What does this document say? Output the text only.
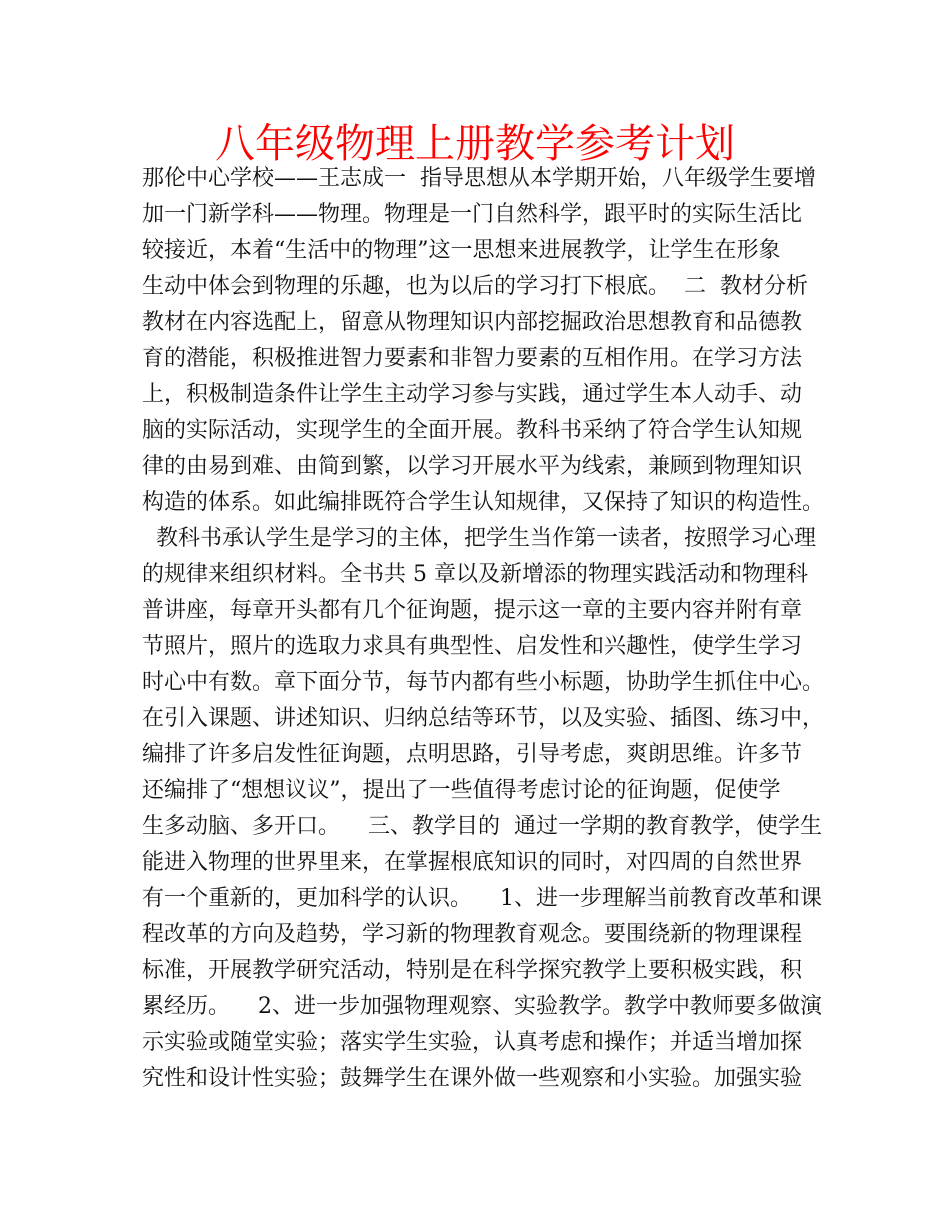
八年级物理上册教学参考计划
那伦中心学校——王志成一  指导思想从本学期开始，八年级学生要增
加一门新学科——物理。物理是一门自然科学，跟平时的实际生活比
较接近，本着“生活中的物理”这一思想来进展教学，让学生在形象
生动中体会到物理的乐趣，也为以后的学习打下根底。  二  教材分析
教材在内容选配上，留意从物理知识内部挖掘政治思想教育和品德教
育的潜能，积极推进智力要素和非智力要素的互相作用。在学习方法
上，积极制造条件让学生主动学习参与实践，通过学生本人动手、动
脑的实际活动，实现学生的全面开展。教科书采纳了符合学生认知规
律的由易到难、由简到繁，以学习开展水平为线索，兼顾到物理知识
构造的体系。如此编排既符合学生认知规律，又保持了知识的构造性。
教科书承认学生是学习的主体，把学生当作第一读者，按照学习心理
的规律来组织材料。全书共 5 章以及新增添的物理实践活动和物理科
普讲座，每章开头都有几个征询题，提示这一章的主要内容并附有章
节照片，照片的选取力求具有典型性、启发性和兴趣性，使学生学习
时心中有数。章下面分节，每节内都有些小标题，协助学生抓住中心。
在引入课题、讲述知识、归纳总结等环节，以及实验、插图、练习中，
编排了许多启发性征询题，点明思路，引导考虑，爽朗思维。许多节
还编排了“想想议议”，提出了一些值得考虑讨论的征询题，促使学
生多动脑、多开口。    三、教学目的  通过一学期的教育教学，使学生
能进入物理的世界里来，在掌握根底知识的同时，对四周的自然世界
有一个重新的，更加科学的认识。    1、进一步理解当前教育改革和课
程改革的方向及趋势，学习新的物理教育观念。要围绕新的物理课程
标准，开展教学研究活动，特别是在科学探究教学上要积极实践，积
累经历。    2、进一步加强物理观察、实验教学。教学中教师要多做演
示实验或随堂实验；落实学生实验，认真考虑和操作；并适当增加探
究性和设计性实验；鼓舞学生在课外做一些观察和小实验。加强实验
